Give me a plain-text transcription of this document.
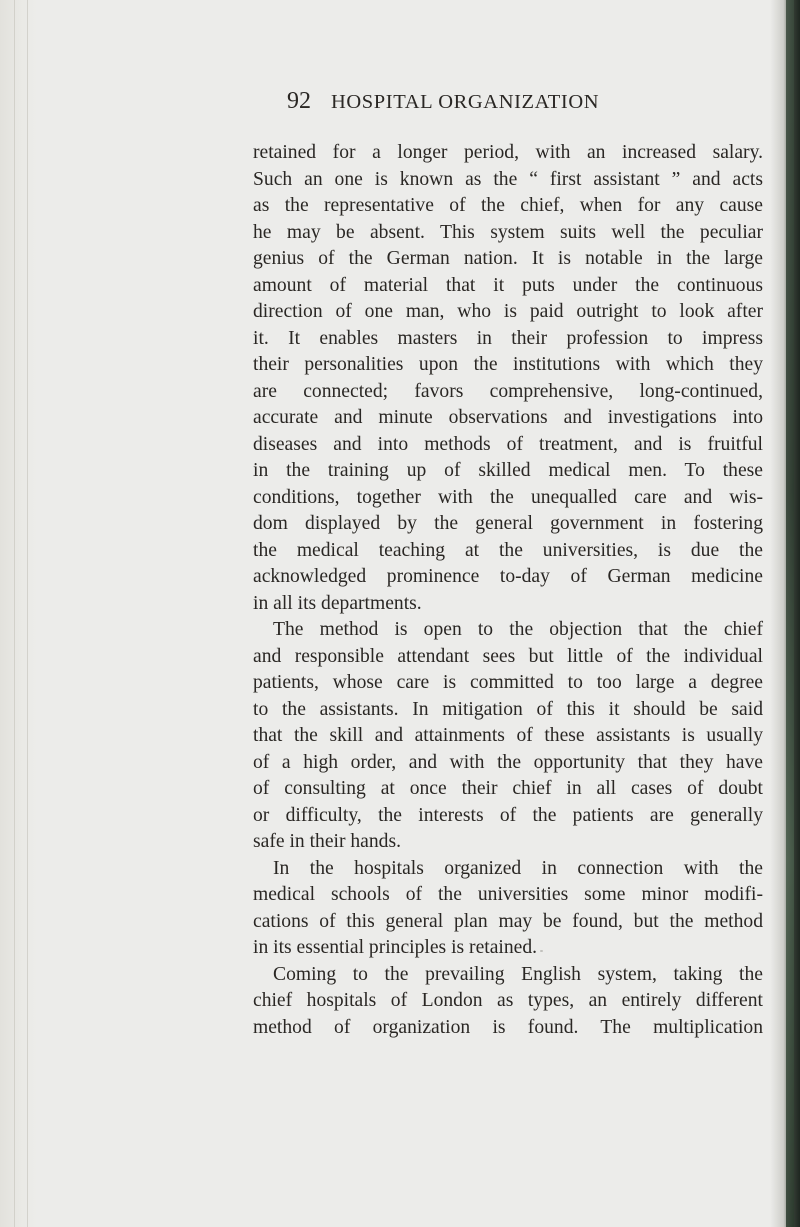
92 HOSPITAL ORGANIZATION
retained for a longer period, with an increased salary.
Such an one is known as the “ first assistant ” and acts
as the representative of the chief, when for any cause
he may be absent. This system suits well the peculiar
genius of the German nation. It is notable in the large
amount of material that it puts under the continuous
direction of one man, who is paid outright to look after
it. It enables masters in their profession to impress
their personalities upon the institutions with which they
are connected; favors comprehensive, long-continued,
accurate and minute observations and investigations into
diseases and into methods of treatment, and is fruitful
in the training up of skilled medical men. To these
conditions, together with the unequalled care and wis-
dom displayed by the general government in fostering
the medical teaching at the universities, is due the
acknowledged prominence to-day of German medicine
in all its departments.
The method is open to the objection that the chief
and responsible attendant sees but little of the individual
patients, whose care is committed to too large a degree
to the assistants. In mitigation of this it should be said
that the skill and attainments of these assistants is usually
of a high order, and with the opportunity that they have
of consulting at once their chief in all cases of doubt
or difficulty, the interests of the patients are generally
safe in their hands.
In the hospitals organized in connection with the
medical schools of the universities some minor modifi-
cations of this general plan may be found, but the method
in its essential principles is retained.
Coming to the prevailing English system, taking the
chief hospitals of London as types, an entirely different
method of organization is found. The multiplication
